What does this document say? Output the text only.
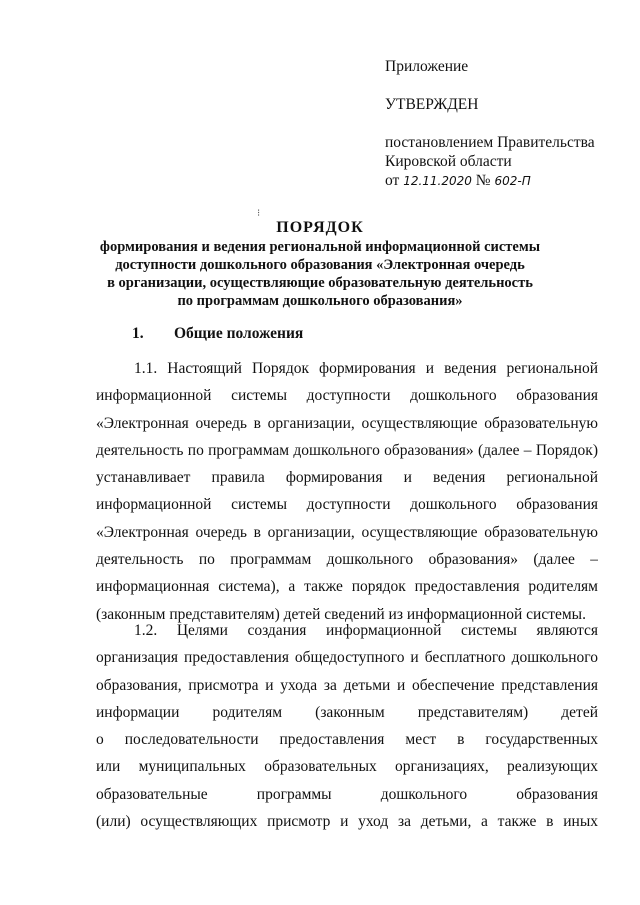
Приложение
УТВЕРЖДЕН
постановлением Правительства
Кировской области
от 12.11.2020 № 602-П
⁝
ПОРЯДОК
формирования и ведения региональной информационной системы
доступности дошкольного образования «Электронная очередь
в организации, осуществляющие образовательную деятельность
по программам дошкольного образования»
1. Общие положения
1.1. Настоящий Порядок формирования и ведения региональной
информационной системы доступности дошкольного образования
«Электронная очередь в организации, осуществляющие образовательную
деятельность по программам дошкольного образования» (далее – Порядок)
устанавливает правила формирования и ведения региональной
информационной системы доступности дошкольного образования
«Электронная очередь в организации, осуществляющие образовательную
деятельность по программам дошкольного образования» (далее –
информационная система), а также порядок предоставления родителям
(законным представителям) детей сведений из информационной системы.
1.2. Целями создания информационной системы являются
организация предоставления общедоступного и бесплатного дошкольного
образования, присмотра и ухода за детьми и обеспечение представления
информации родителям (законным представителям) детей
о последовательности предоставления мест в государственных
или муниципальных образовательных организациях, реализующих
образовательные программы дошкольного образования
(или) осуществляющих присмотр и уход за детьми, а также в иных
